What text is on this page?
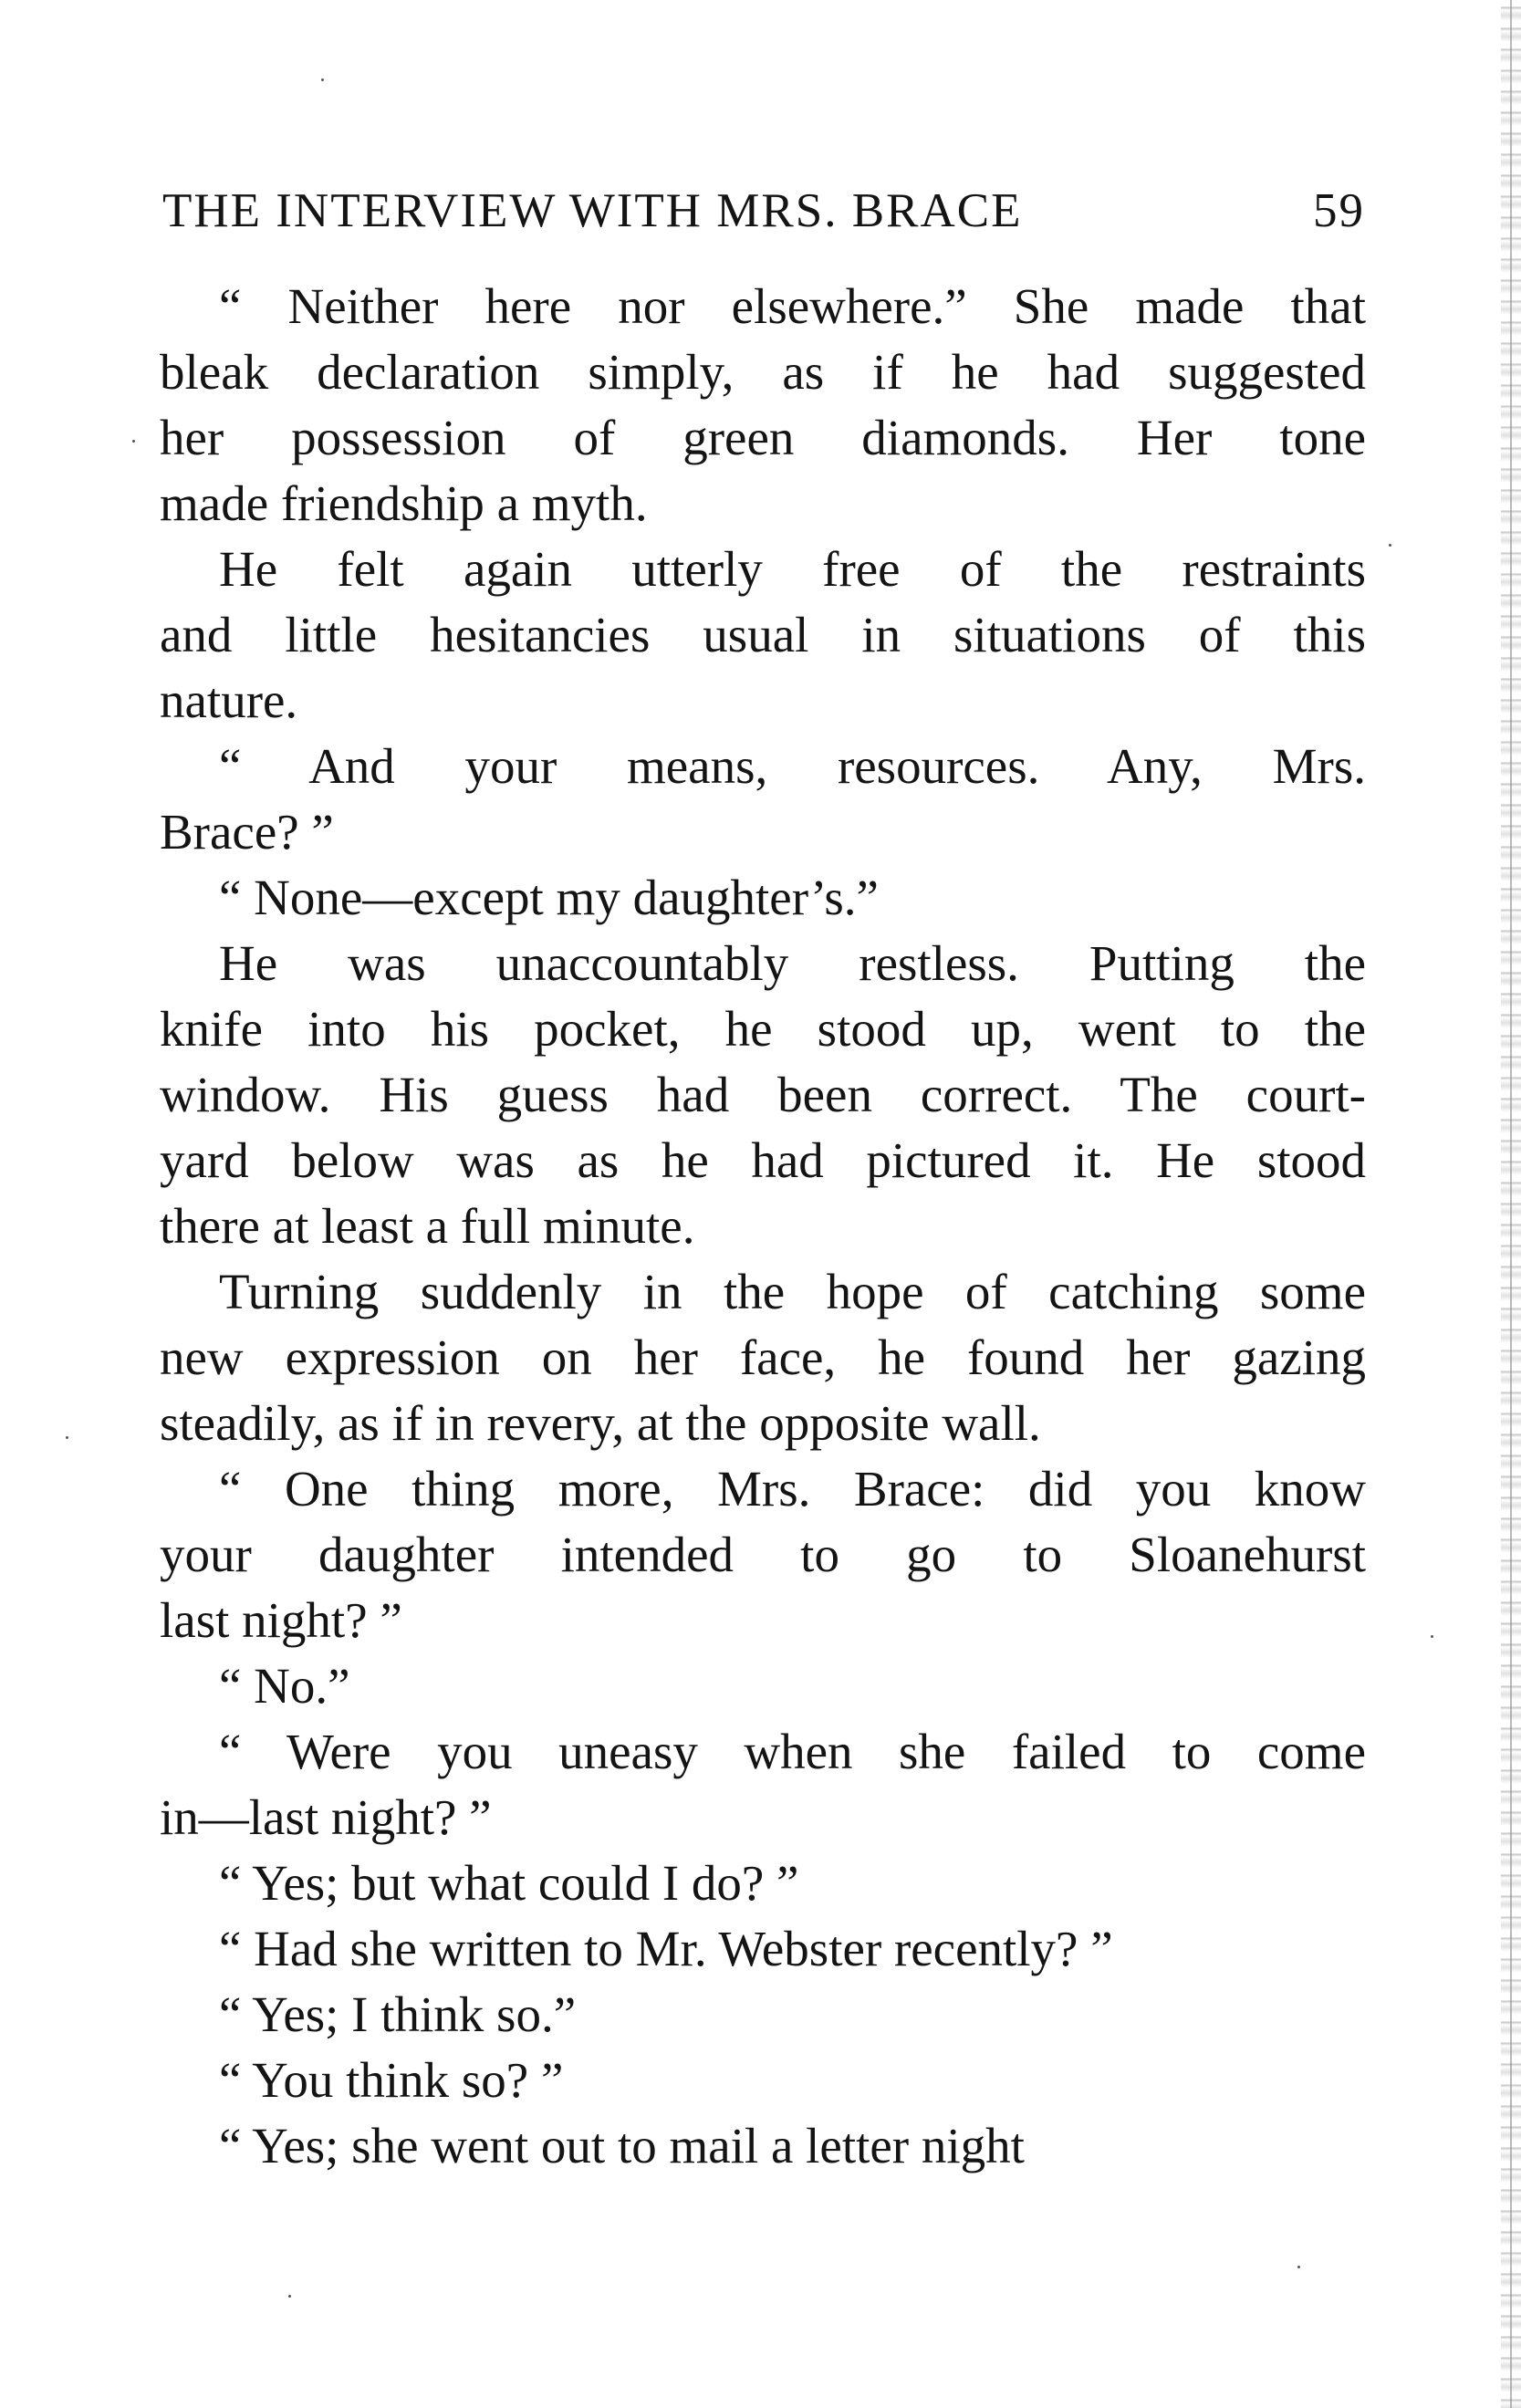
THE INTERVIEW WITH MRS. BRACE	59

“ Neither here nor elsewhere.” She made that
bleak declaration simply, as if he had suggested
her possession of green diamonds. Her tone
made friendship a myth.

He felt again utterly free of the restraints
and little hesitancies usual in situations of this
nature.

“ And your means, resources. Any, Mrs.
Brace? ”

“ None—except my daughter’s.”

He was unaccountably restless. Putting the
knife into his pocket, he stood up, went to the
window. His guess had been correct. The court-
yard below was as he had pictured it. He stood
there at least a full minute.

Turning suddenly in the hope of catching some
new expression on her face, he found her gazing
steadily, as if in revery, at the opposite wall.

“ One thing more, Mrs. Brace: did you know
your daughter intended to go to Sloanehurst
last night? ”

“ No.”

“ Were you uneasy when she failed to come
in—last night? ”

“ Yes; but what could I do? ”

“ Had she written to Mr. Webster recently? ”

“ Yes; I think so.”

“ You think so? ”

“ Yes; she went out to mail a letter night
